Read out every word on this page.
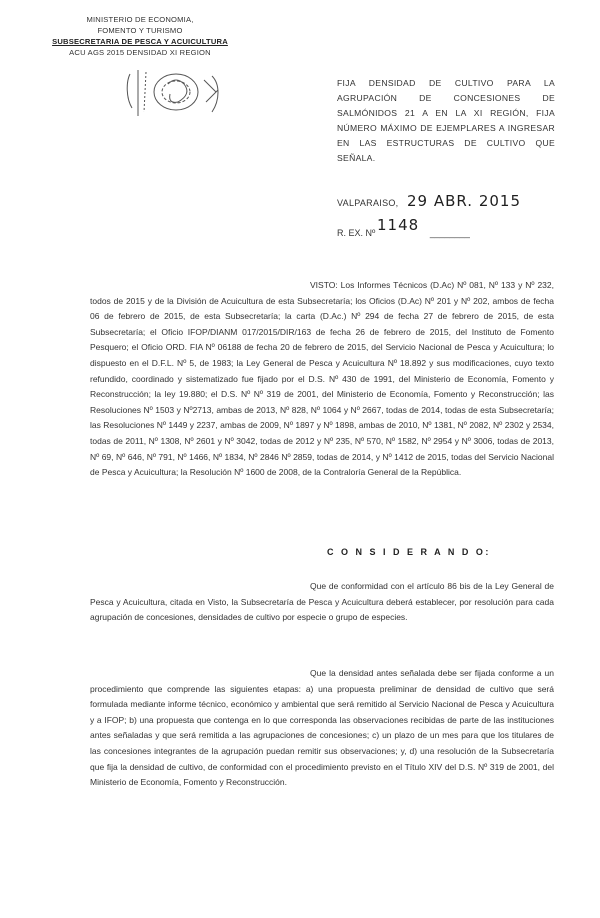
MINISTERIO DE ECONOMIA,
FOMENTO Y TURISMO
SUBSECRETARIA DE PESCA Y ACUICULTURA
ACU AGS 2015 DENSIDAD XI REGION
FIJA DENSIDAD DE CULTIVO PARA LA AGRUPACIÓN DE CONCESIONES DE SALMÓNIDOS 21 A EN LA XI REGIÓN, FIJA NÚMERO MÁXIMO DE EJEMPLARES A INGRESAR EN LAS ESTRUCTURAS DE CULTIVO QUE SEÑALA.
VALPARAISO, 29 ABR. 2015
R. EX. Nº 1148 ________
VISTO: Los Informes Técnicos (D.Ac) Nº 081, Nº 133 y Nº 232, todos de 2015 y de la División de Acuicultura de esta Subsecretaría; los Oficios (D.Ac) Nº 201 y Nº 202, ambos de fecha 06 de febrero de 2015, de esta Subsecretaría; la carta (D.Ac.) Nº 294 de fecha 27 de febrero de 2015, de esta Subsecretaría; el Oficio IFOP/DIANM 017/2015/DIR/163 de fecha 26 de febrero de 2015, del Instituto de Fomento Pesquero; el Oficio ORD. FIA Nº 06188 de fecha 20 de febrero de 2015, del Servicio Nacional de Pesca y Acuicultura; lo dispuesto en el D.F.L. Nº 5, de 1983; la Ley General de Pesca y Acuicultura Nº 18.892 y sus modificaciones, cuyo texto refundido, coordinado y sistematizado fue fijado por el D.S. Nº 430 de 1991, del Ministerio de Economía, Fomento y Reconstrucción; la ley 19.880; el D.S. Nº Nº 319 de 2001, del Ministerio de Economía, Fomento y Reconstrucción; las Resoluciones Nº 1503 y Nº2713, ambas de 2013, Nº 828, Nº 1064 y Nº 2667, todas de 2014, todas de esta Subsecretaría; las Resoluciones Nº 1449 y 2237, ambas de 2009, Nº 1897 y Nº 1898, ambas de 2010, Nº 1381, Nº 2082, Nº 2302 y 2534, todas de 2011, Nº 1308, Nº 2601 y Nº 3042, todas de 2012 y Nº 235, Nº 570, Nº 1582, Nº 2954 y Nº 3006, todas de 2013, Nº 69, Nº 646, Nº 791, Nº 1466, Nº 1834, Nº 2846 Nº 2859, todas de 2014, y Nº 1412 de 2015, todas del Servicio Nacional de Pesca y Acuicultura; la Resolución Nº 1600 de 2008, de la Contraloría General de la República.
C O N S I D E R A N D O:
Que de conformidad con el artículo 86 bis de la Ley General de Pesca y Acuicultura, citada en Visto, la Subsecretaría de Pesca y Acuicultura deberá establecer, por resolución para cada agrupación de concesiones, densidades de cultivo por especie o grupo de especies.
Que la densidad antes señalada debe ser fijada conforme a un procedimiento que comprende las siguientes etapas: a) una propuesta preliminar de densidad de cultivo que será formulada mediante informe técnico, económico y ambiental que será remitido al Servicio Nacional de Pesca y Acuicultura y a IFOP; b) una propuesta que contenga en lo que corresponda las observaciones recibidas de parte de las instituciones antes señaladas y que será remitida a las agrupaciones de concesiones; c) un plazo de un mes para que los titulares de las concesiones integrantes de la agrupación puedan remitir sus observaciones; y, d) una resolución de la Subsecretaría que fija la densidad de cultivo, de conformidad con el procedimiento previsto en el Título XIV del D.S. Nº 319 de 2001, del Ministerio de Economía, Fomento y Reconstrucción.
